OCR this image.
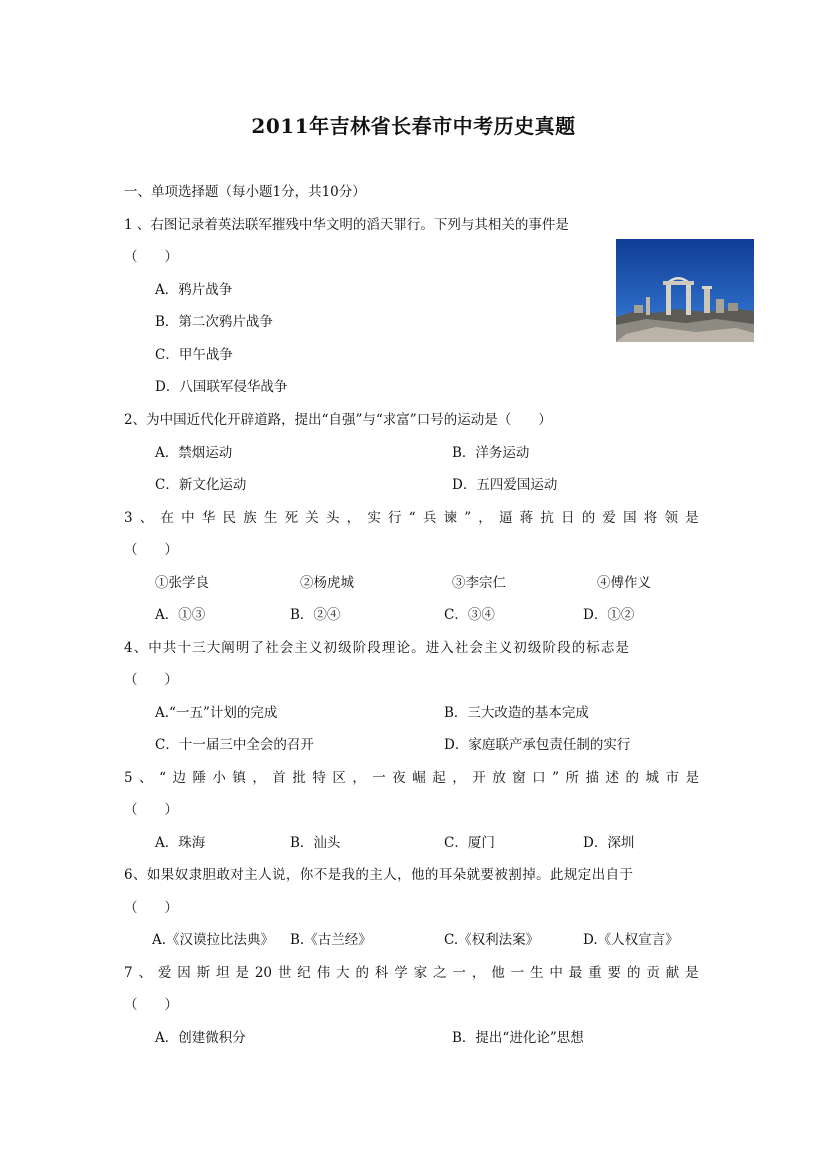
2011年吉林省长春市中考历史真题
一、单项选择题（每小题1分，共10分）
1 、右图记录着英法联军摧残中华文明的滔天罪行。下列与其相关的事件是
（　　）
A．鸦片战争
B．第二次鸦片战争
C．甲午战争
D．八国联军侵华战争
2、为中国近代化开辟道路，提出“自强”与“求富”口号的运动是（　　）
A．禁烟运动	B．洋务运动
C．新文化运动	D．五四爱国运动
3 、 在 中 华 民 族 生 死 关 头 ， 实 行 “ 兵 谏 ” ， 逼 蒋 抗 日 的 爱 国 将 领 是
（　　）
①张学良	②杨虎城	③李宗仁	④傅作义
A．①③	B．②④	C．③④	D．①②
4、中共十三大阐明了社会主义初级阶段理论。进入社会主义初级阶段的标志是
（　　）
A.“一五”计划的完成	B．三大改造的基本完成
C．十一届三中全会的召开	D．家庭联产承包责任制的实行
5 、 “ 边 陲 小 镇 ， 首 批 特 区 ， 一 夜 崛 起 ， 开 放 窗 口 ” 所 描 述 的 城 市 是
（　　）
A．珠海	B．汕头	C．厦门	D．深圳
6、如果奴隶胆敢对主人说，你不是我的主人，他的耳朵就要被割掉。此规定出自于
（　　）
A.《汉谟拉比法典》 B.《古兰经》	C.《权利法案》	D.《人权宣言》
7 、 爱 因 斯 坦 是 20 世 纪 伟 大 的 科 学 家 之 一 ， 他 一 生 中 最 重 要 的 贡 献 是
（　　）
A．创建微积分	B．提出“进化论”思想
